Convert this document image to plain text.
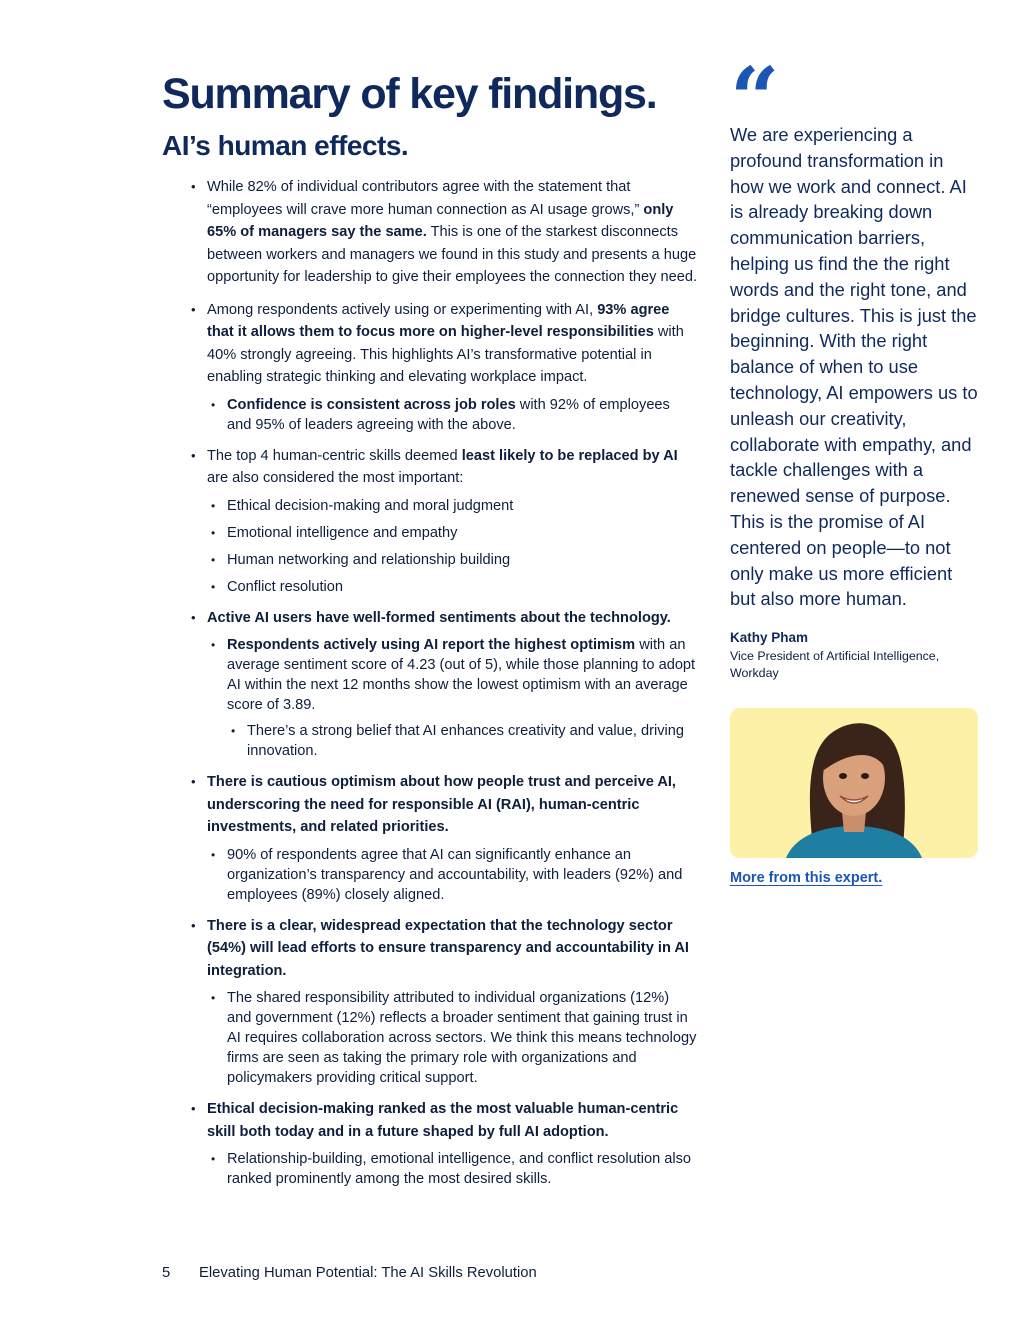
Summary of key findings.
AI’s human effects.
• While 82% of individual contributors agree with the statement that “employees will crave more human connection as AI usage grows,” only 65% of managers say the same. This is one of the starkest disconnects between workers and managers we found in this study and presents a huge opportunity for leadership to give their employees the connection they need.
• Among respondents actively using or experimenting with AI, 93% agree that it allows them to focus more on higher-level responsibilities with 40% strongly agreeing. This highlights AI’s transformative potential in enabling strategic thinking and elevating workplace impact.
• Confidence is consistent across job roles with 92% of employees and 95% of leaders agreeing with the above.
• The top 4 human-centric skills deemed least likely to be replaced by AI are also considered the most important:
• Ethical decision-making and moral judgment
• Emotional intelligence and empathy
• Human networking and relationship building
• Conflict resolution
• Active AI users have well-formed sentiments about the technology.
• Respondents actively using AI report the highest optimism with an average sentiment score of 4.23 (out of 5), while those planning to adopt AI within the next 12 months show the lowest optimism with an average score of 3.89.
• There’s a strong belief that AI enhances creativity and value, driving innovation.
• There is cautious optimism about how people trust and perceive AI, underscoring the need for responsible AI (RAI), human-centric investments, and related priorities.
• 90% of respondents agree that AI can significantly enhance an organization’s transparency and accountability, with leaders (92%) and employees (89%) closely aligned.
• There is a clear, widespread expectation that the technology sector (54%) will lead efforts to ensure transparency and accountability in AI integration.
• The shared responsibility attributed to individual organizations (12%) and government (12%) reflects a broader sentiment that gaining trust in AI requires collaboration across sectors. We think this means technology firms are seen as taking the primary role with organizations and policymakers providing critical support.
• Ethical decision-making ranked as the most valuable human-centric skill both today and in a future shaped by full AI adoption.
• Relationship-building, emotional intelligence, and conflict resolution also ranked prominently among the most desired skills.
“

We are experiencing a profound transformation in how we work and connect. AI is already breaking down communication barriers, helping us find the the right words and the right tone, and bridge cultures. This is just the beginning. With the right balance of when to use technology, AI empowers us to unleash our creativity, collaborate with empathy, and tackle challenges with a renewed sense of purpose. This is the promise of AI centered on people—to not only make us more efficient but also more human.

Kathy Pham
Vice President of Artificial Intelligence, Workday
More from this expert.
5 Elevating Human Potential: The AI Skills Revolution
